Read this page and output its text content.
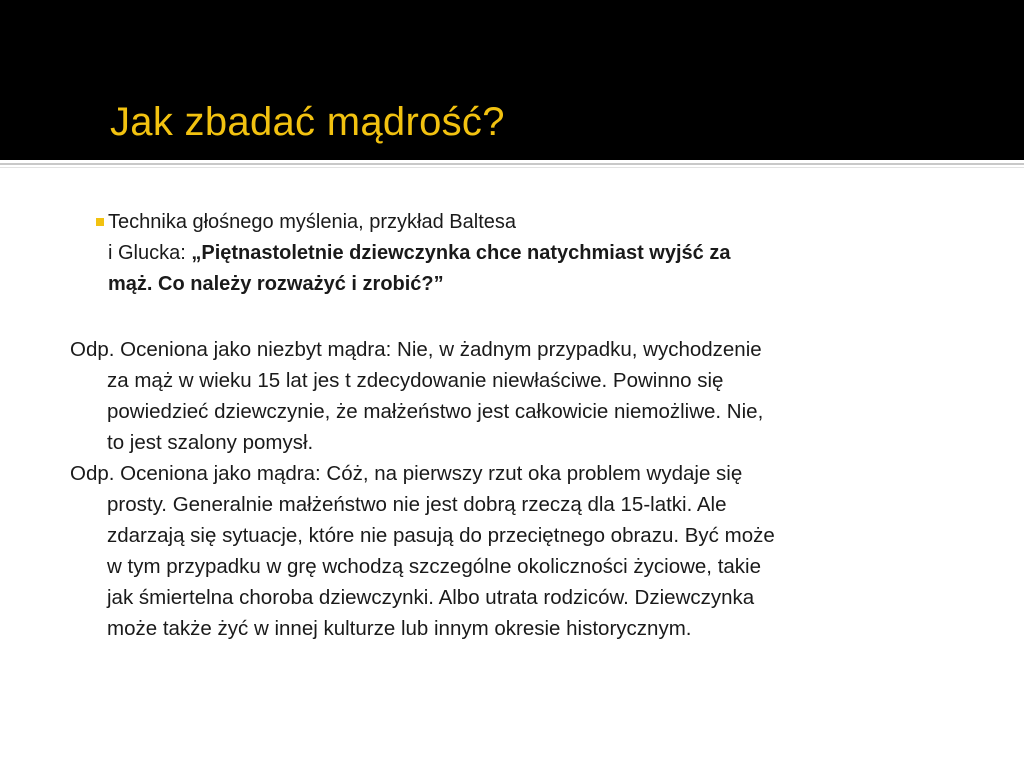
Jak zbadać mądrość?
Technika głośnego myślenia, przykład Baltesa
i Glucka: „Piętnastoletnie dziewczynka chce natychmiast wyjść za
mąż. Co należy rozważyć i zrobić?”
Odp. Oceniona jako niezbyt mądra: Nie, w żadnym przypadku, wychodzenie
za mąż w wieku 15 lat jes t zdecydowanie niewłaściwe. Powinno się
powiedzieć dziewczynie, że małżeństwo jest całkowicie niemożliwe. Nie,
to jest szalony pomysł.
Odp. Oceniona jako mądra: Cóż, na pierwszy rzut oka problem wydaje się
prosty. Generalnie małżeństwo nie jest dobrą rzeczą dla 15-latki. Ale
zdarzają się sytuacje, które nie pasują do przeciętnego obrazu. Być może
w tym przypadku w grę wchodzą szczególne okoliczności życiowe, takie
jak śmiertelna choroba dziewczynki. Albo utrata rodziców. Dziewczynka
może także żyć w innej kulturze lub innym okresie historycznym.
